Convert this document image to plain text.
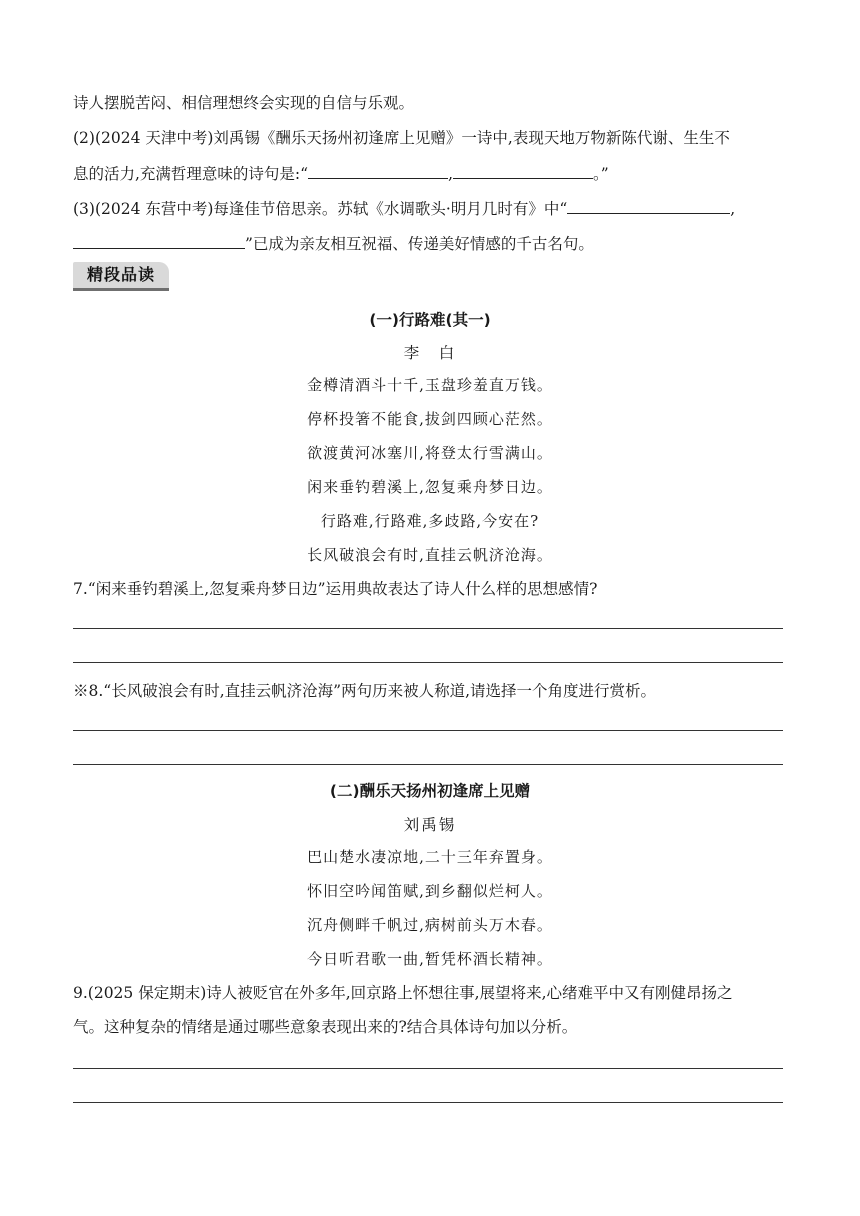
诗人摆脱苦闷、相信理想终会实现的自信与乐观。
(2)(2024 天津中考)刘禹锡《酬乐天扬州初逢席上见赠》一诗中,表现天地万物新陈代谢、生生不
息的活力,充满哲理意味的诗句是:“	,	。”
(3)(2024 东营中考)每逢佳节倍思亲。苏轼《水调歌头·明月几时有》中“	,
”已成为亲友相互祝福、传递美好情感的千古名句。
精段品读
(一)行路难(其一)
李　白
金樽清酒斗十千,玉盘珍羞直万钱。
停杯投箸不能食,拔剑四顾心茫然。
欲渡黄河冰塞川,将登太行雪满山。
闲来垂钓碧溪上,忽复乘舟梦日边。
行路难,行路难,多歧路,今安在?
长风破浪会有时,直挂云帆济沧海。
7.“闲来垂钓碧溪上,忽复乘舟梦日边”运用典故表达了诗人什么样的思想感情?
※8.“长风破浪会有时,直挂云帆济沧海”两句历来被人称道,请选择一个角度进行赏析。
(二)酬乐天扬州初逢席上见赠
刘禹锡
巴山楚水凄凉地,二十三年弃置身。
怀旧空吟闻笛赋,到乡翻似烂柯人。
沉舟侧畔千帆过,病树前头万木春。
今日听君歌一曲,暂凭杯酒长精神。
9.(2025 保定期末)诗人被贬官在外多年,回京路上怀想往事,展望将来,心绪难平中又有刚健昂扬之
气。这种复杂的情绪是通过哪些意象表现出来的?结合具体诗句加以分析。
